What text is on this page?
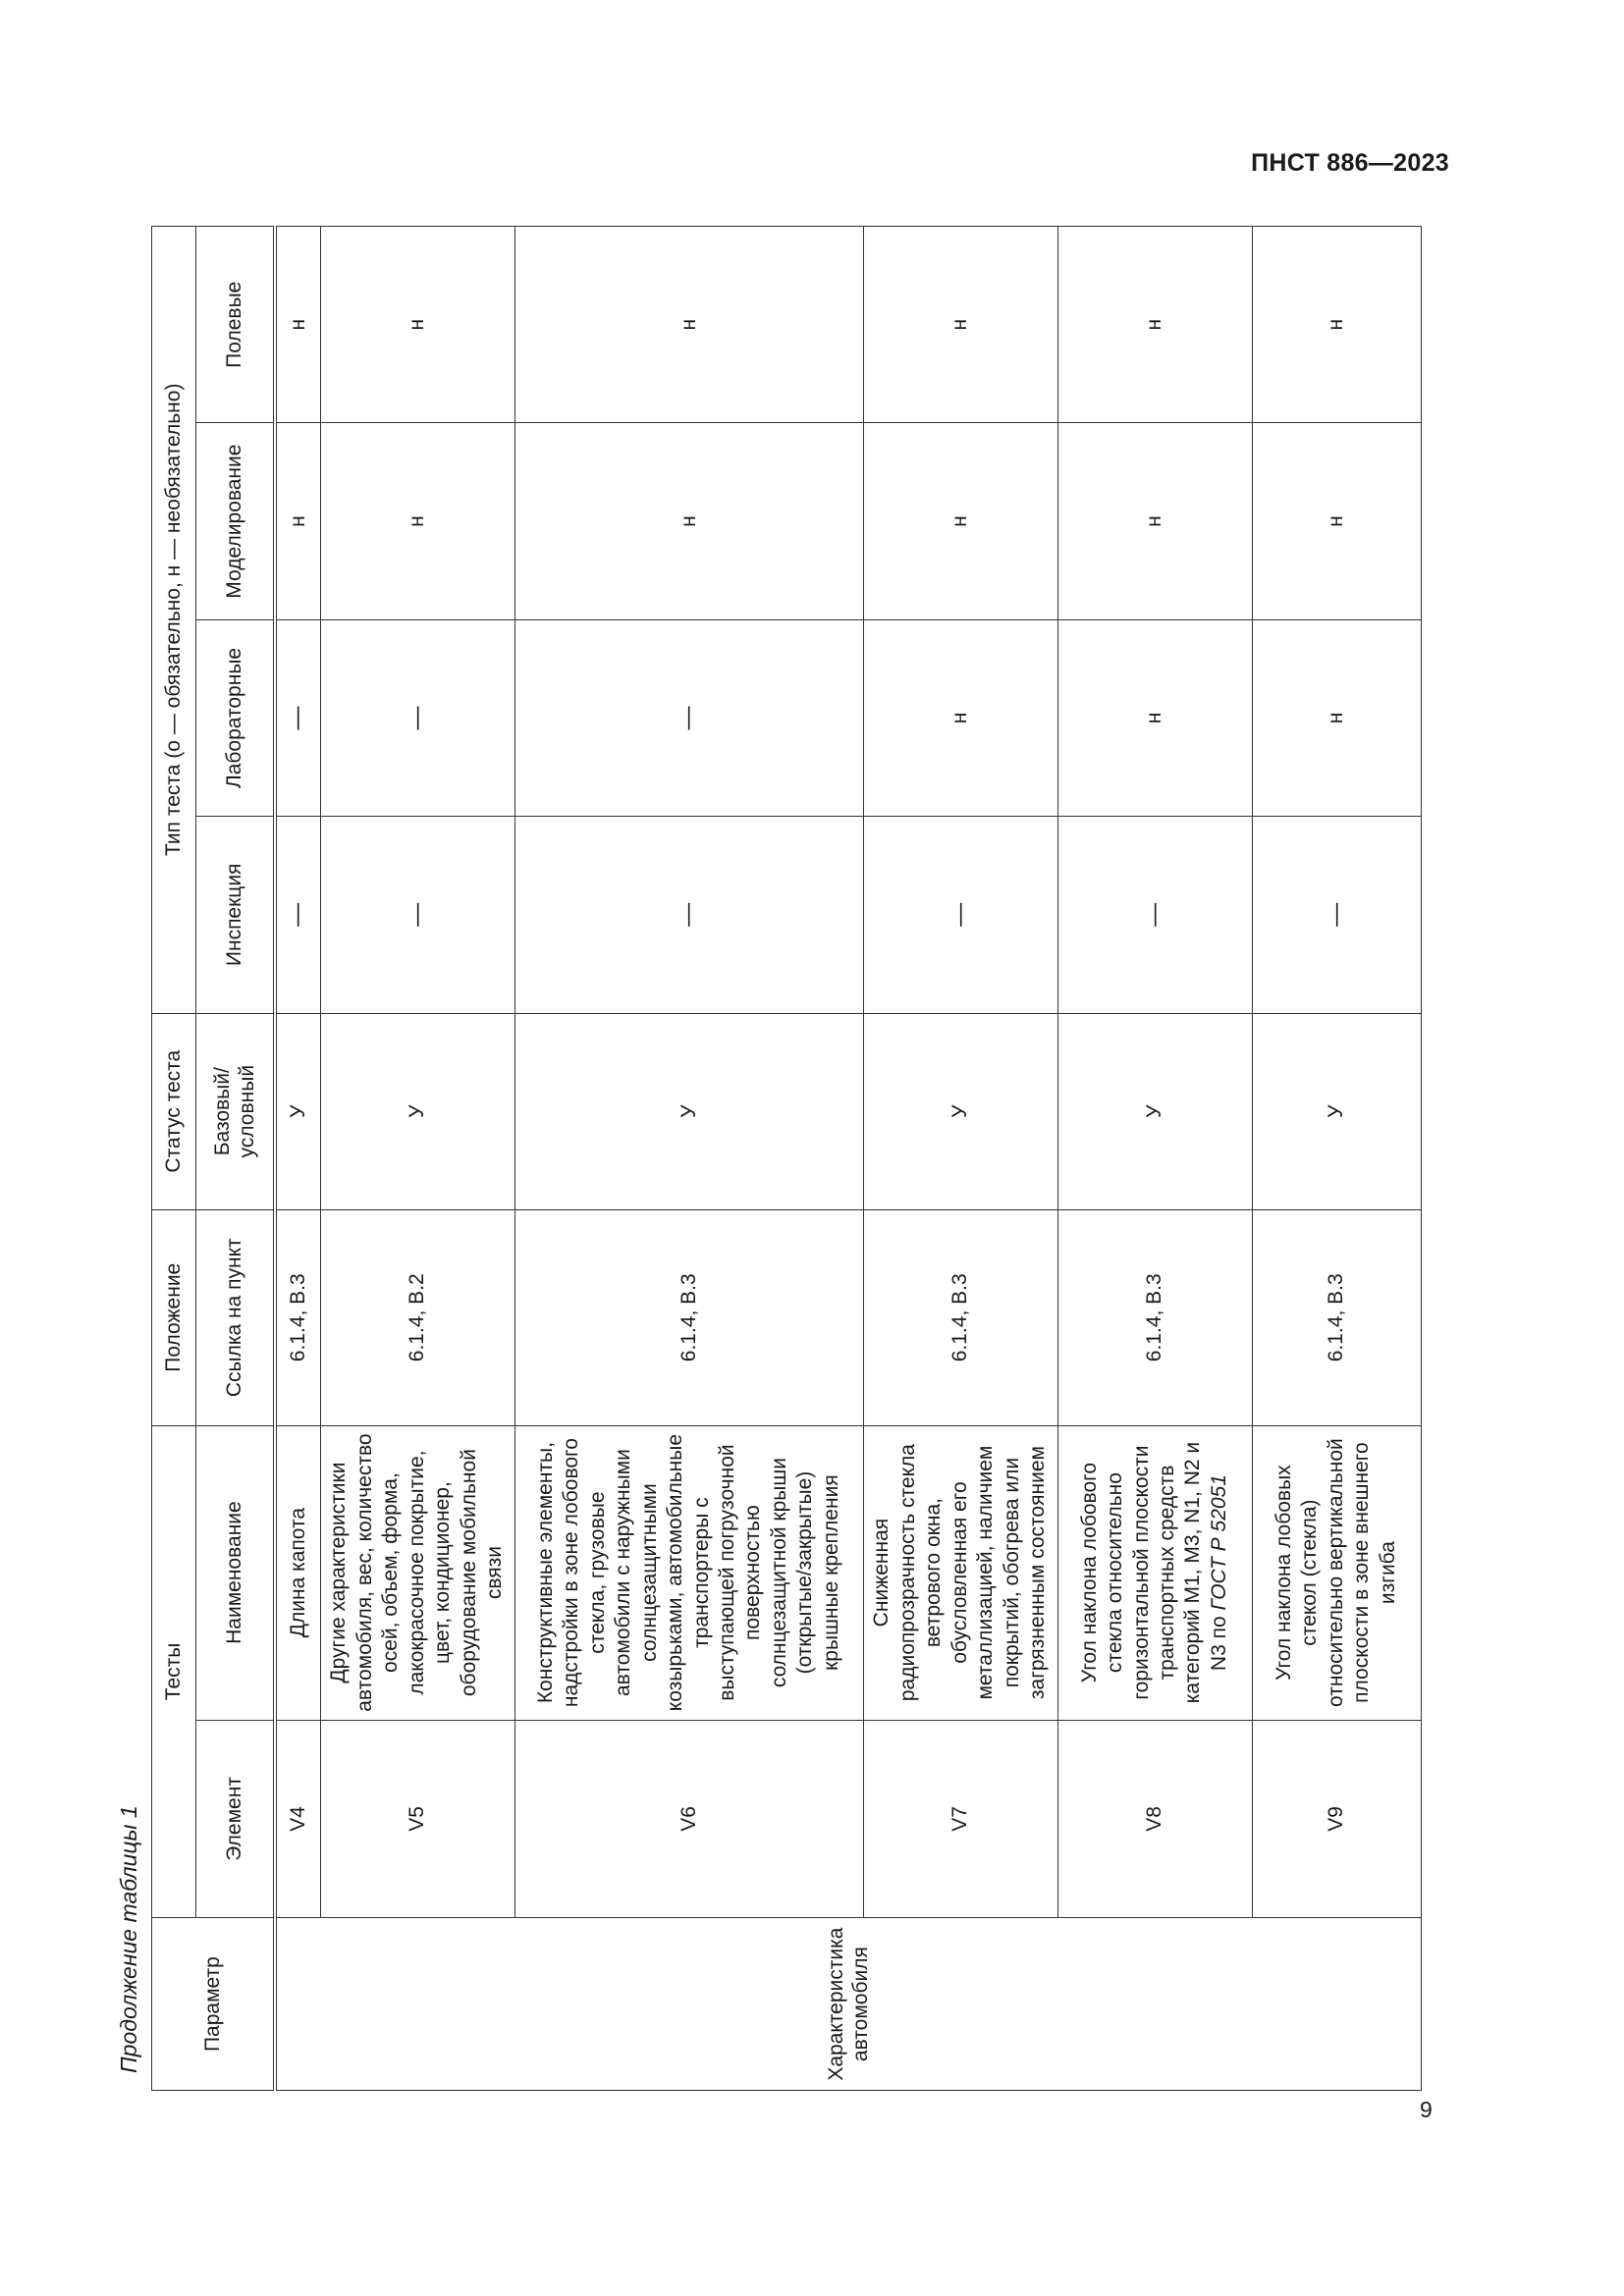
ПНСТ 886—2023
Продолжение таблицы 1	Параметр	Тесты		Положение	Статус теста	Тип теста (о — обязательно, н — необязательно)			
	Элемент	Наименование	Ссылка на пункт	Базовый/ условный	Инспекция	Лабораторные	Моделирование	Полевые
Характеристика автомобиля	V4	Длина капота	6.1.4, В.3	У	—	—	н	н
	V5	Другие характеристики автомобиля, вес, количество осей, объем, форма, лакокрасочное покрытие, цвет, кондиционер, оборудование мобильной связи	6.1.4, В.2	У	—	—	н	н
	V6	Конструктивные элементы, надстройки в зоне лобового стекла, грузовые автомобили с наружными солнцезащитными козырьками, автомобильные транспортеры с выступающей погрузочной поверхностью солнцезащитной крыши (открытые/закрытые) крышные крепления	6.1.4, В.3	У	—	—	н	н
	V7	Сниженная радиопрозрачность стекла ветрового окна, обусловленная его металлизацией, наличием покрытий, обогрева или загрязненным состоянием	6.1.4, В.3	У	—	н	н	н
	V8	Угол наклона лобового стекла относительно горизонтальной плоскости транспортных средств категорий M1, M3, N1, N2 и N3 по ГОСТ Р 52051	6.1.4, В.3	У	—	н	н	н
	V9	Угол наклона лобовых стекол (стекла) относительно вертикальной плоскости в зоне внешнего изгиба	6.1.4, В.3	У	—	н	н	н
9
